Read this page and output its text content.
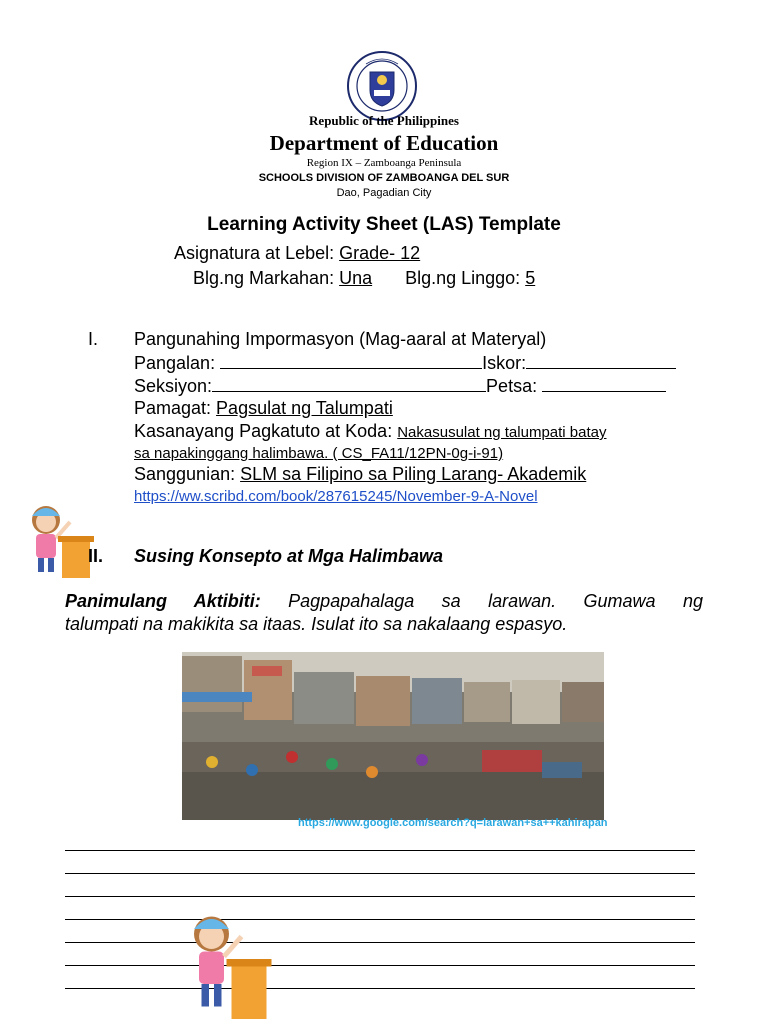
Republic of the Philippines
Department of Education
Region IX – Zamboanga Peninsula
SCHOOLS DIVISION OF ZAMBOANGA DEL SUR
Dao, Pagadian City
Learning Activity Sheet (LAS) Template
Asignatura at Lebel: Grade- 12
Blg.ng Markahan: Una Blg.ng Linggo: 5
I. Pangunahing Impormasyon (Mag-aaral at Materyal)
Pangalan:	Iskor:
Seksiyon:	Petsa:
Pamagat: Pagsulat ng Talumpati
Kasanayang Pagkatuto at Koda: Nakasusulat ng talumpati batay
sa napakinggang halimbawa. ( CS_FA11/12PN-0g-i-91)
Sanggunian: SLM sa Filipino sa Piling Larang- Akademik
https://ww.scribd.com/book/287615245/November-9-A-Novel
II. Susing Konsepto at Mga Halimbawa
Panimulang Aktibiti: Pagpapahalaga sa larawan. Gumawa ng
talumpati na makikita sa itaas. Isulat ito sa nakalaang espasyo.
https://www.google.com/search?q=larawan+sa++kahirapan
